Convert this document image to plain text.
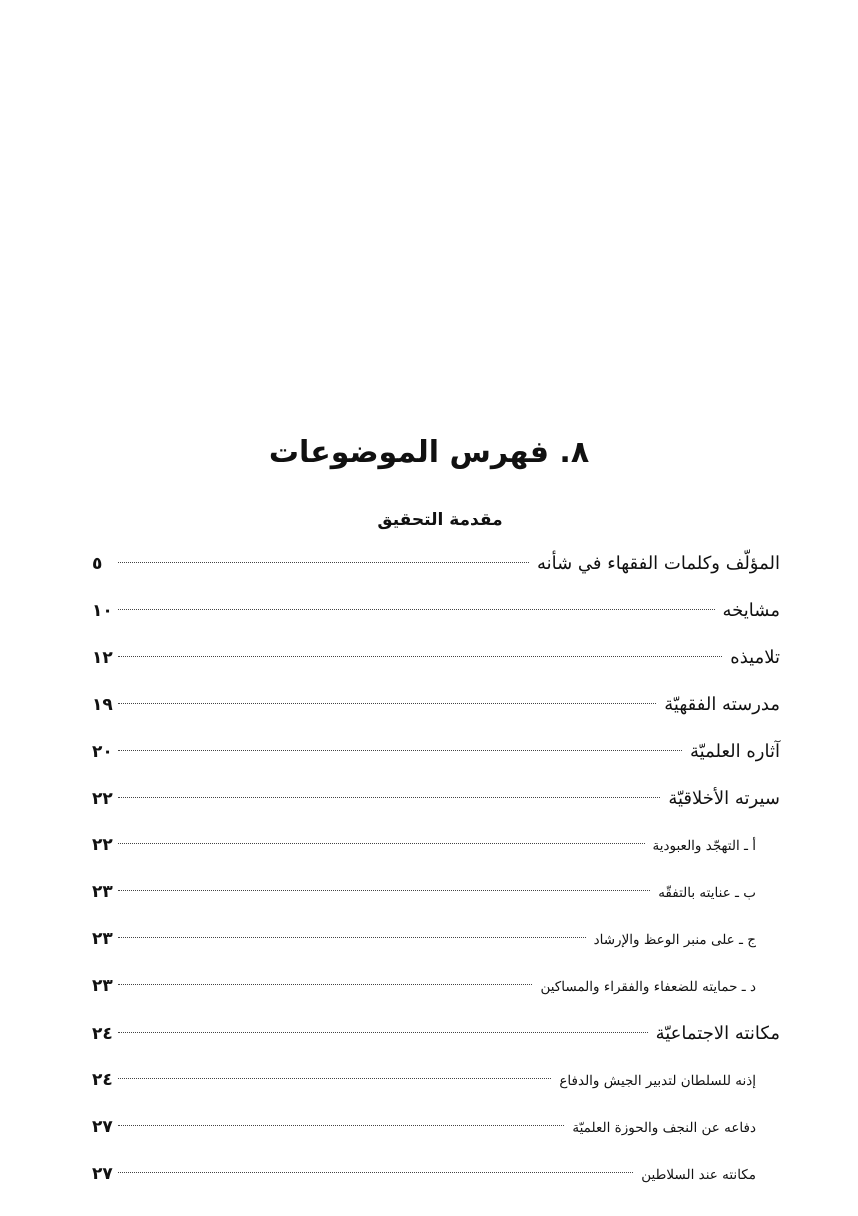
٨. فهرس الموضوعات
مقدمة التحقيق
المؤلّف وكلمات الفقهاء في شأنه
٥
مشايخه
١٠
تلاميذه
١٢
مدرسته الفقهيّة
١٩
آثاره العلميّة
٢٠
سيرته الأخلاقيّة
٢٢
أ ـ التهجّد والعبودية
٢٢
ب ـ عنايته بالتفقّه
٢٣
ج ـ على منبر الوعظ والإرشاد
٢٣
د ـ حمايته للضعفاء والفقراء والمساكين
٢٣
مكانته الاجتماعيّة
٢٤
إذنه للسلطان لتدبير الجيش والدفاع
٢٤
دفاعه عن النجف والحوزة العلميّة
٢٧
مكانته عند السلاطين
٢٧
